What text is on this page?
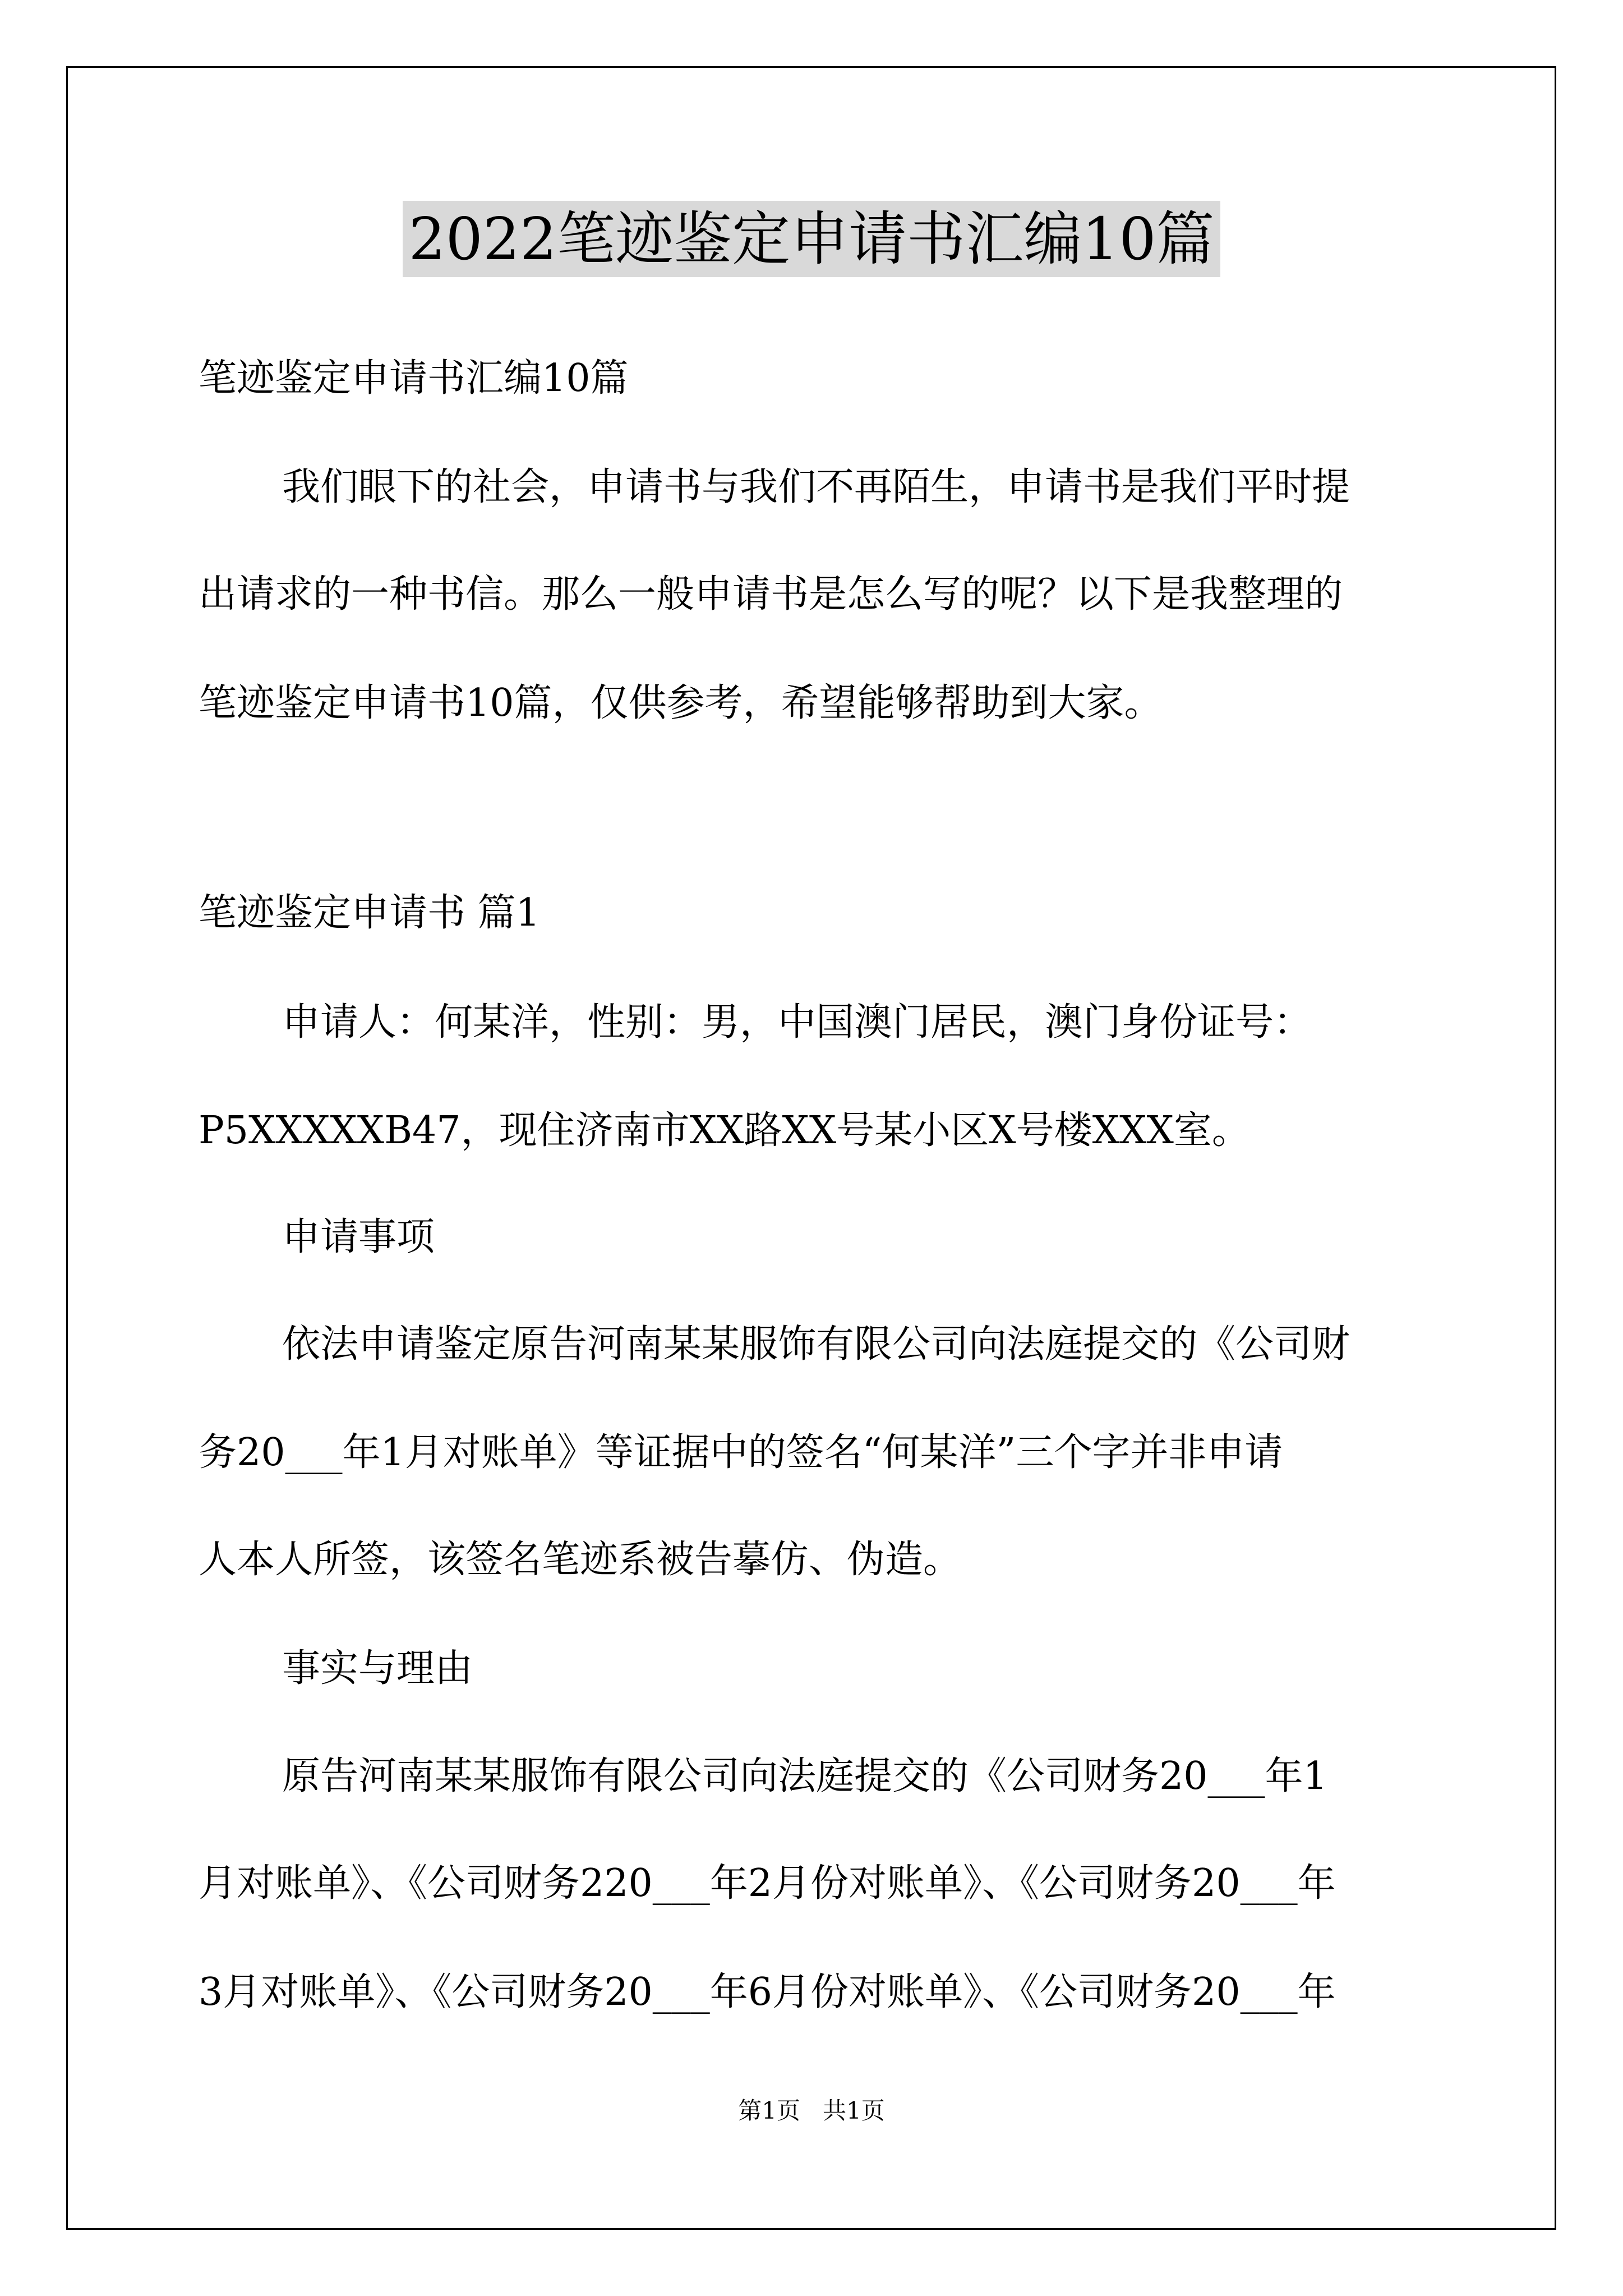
2022笔迹鉴定申请书汇编10篇
笔迹鉴定申请书汇编10篇
我们眼下的社会，申请书与我们不再陌生，申请书是我们平时提
出请求的一种书信。那么一般申请书是怎么写的呢？以下是我整理的
笔迹鉴定申请书10篇，仅供参考，希望能够帮助到大家。
笔迹鉴定申请书 篇1
申请人：何某洋，性别：男，中国澳门居民，澳门身份证号：
P5XXXXXB47，现住济南市XX路XX号某小区X号楼XXX室。
申请事项
依法申请鉴定原告河南某某服饰有限公司向法庭提交的《公司财
务20___年1月对账单》等证据中的签名“何某洋”三个字并非申请
人本人所签，该签名笔迹系被告摹仿、伪造。
事实与理由
原告河南某某服饰有限公司向法庭提交的《公司财务20___年1
月对账单》、《公司财务220___年2月份对账单》、《公司财务20___年
3月对账单》、《公司财务20___年6月份对账单》、《公司财务20___年
第1页   共1页
